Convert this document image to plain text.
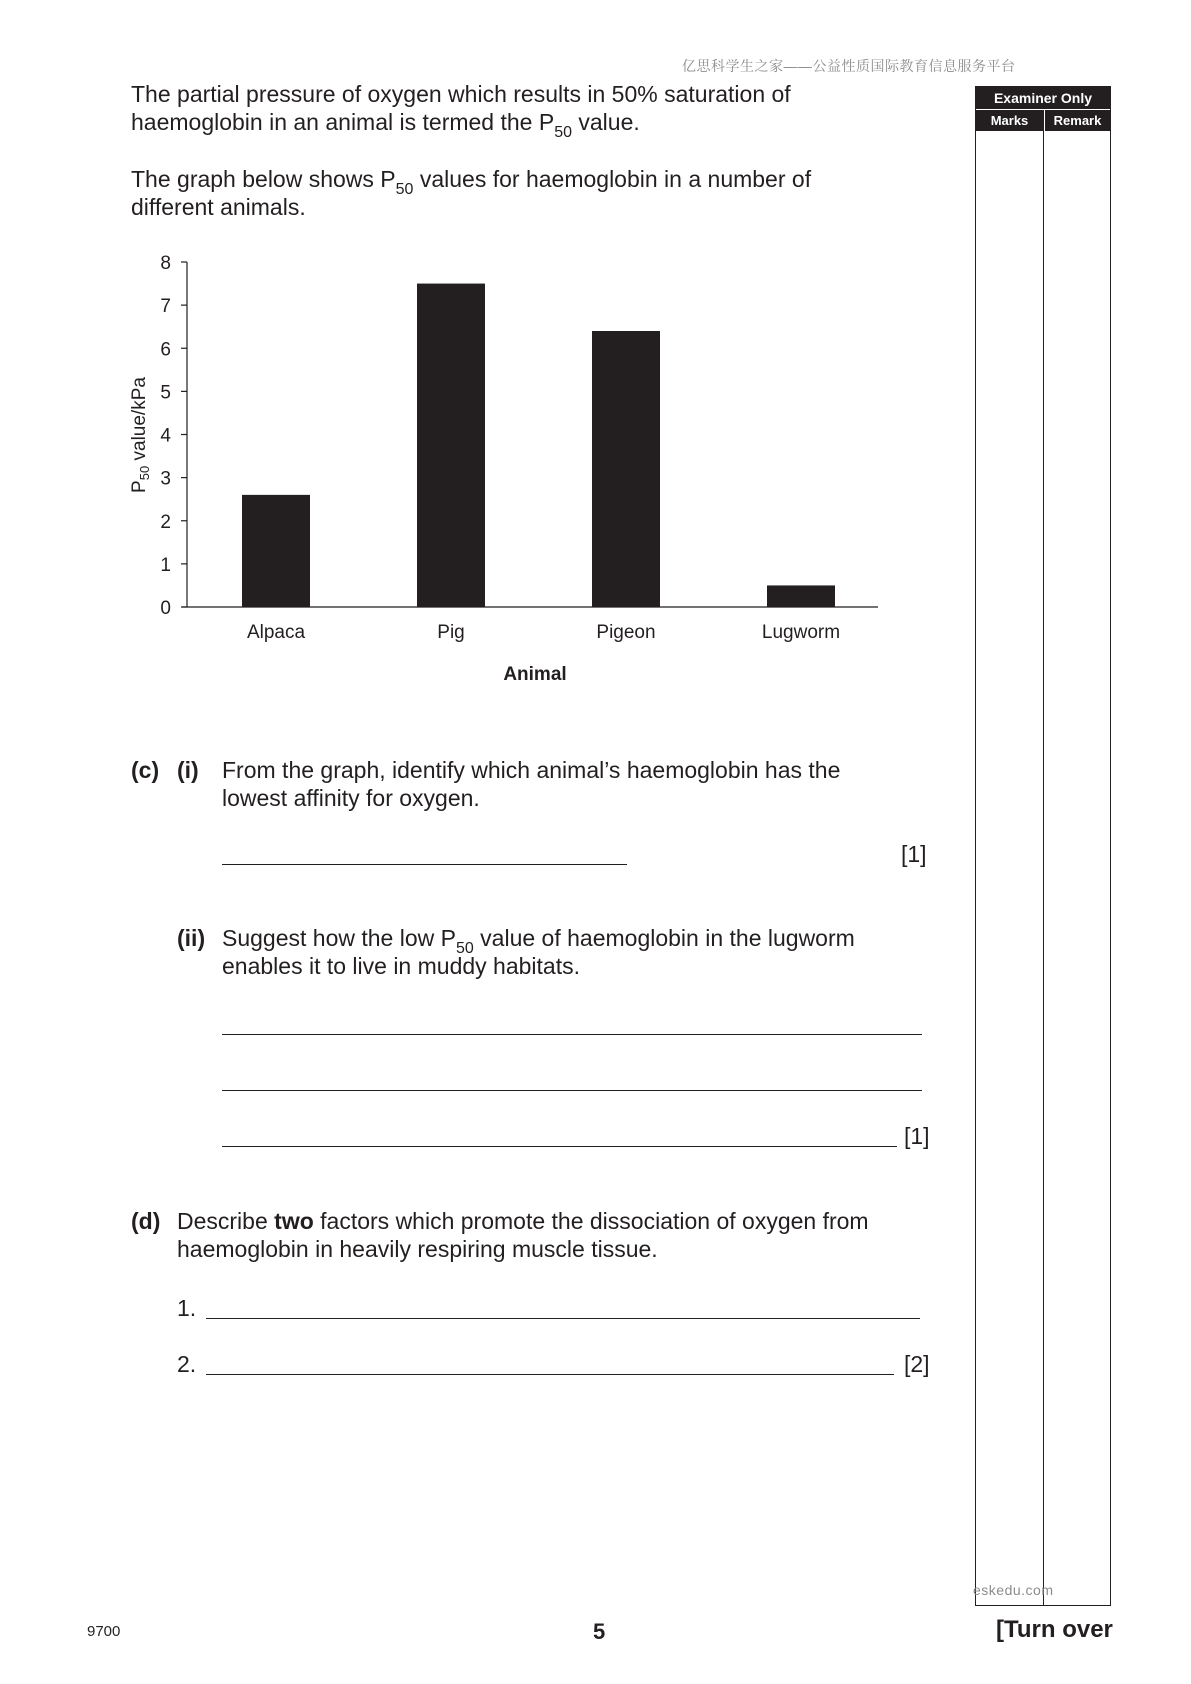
亿思科学生之家——公益性质国际教育信息服务平台
Examiner Only
Marks	Remark
The partial pressure of oxygen which results in 50% saturation of
haemoglobin in an animal is termed the $P_{50}$ value.
The graph below shows $P_{50}$ values for haemoglobin in a number of
different animals.
0
1
2
3
4
5
6
7
8
Alpaca	Pig	Pigeon	Lugworm
$P_{50}$ value/kPa
Animal
(c) (i) From the graph, identify which animal’s haemoglobin has the
lowest affinity for oxygen.
[1]
(ii) Suggest how the low $P_{50}$ value of haemoglobin in the lugworm
enables it to live in muddy habitats.
[1]
(d) Describe two factors which promote the dissociation of oxygen from
haemoglobin in heavily respiring muscle tissue.
1.
2.	[2]
eskedu.com
9700	5	[Turn over
